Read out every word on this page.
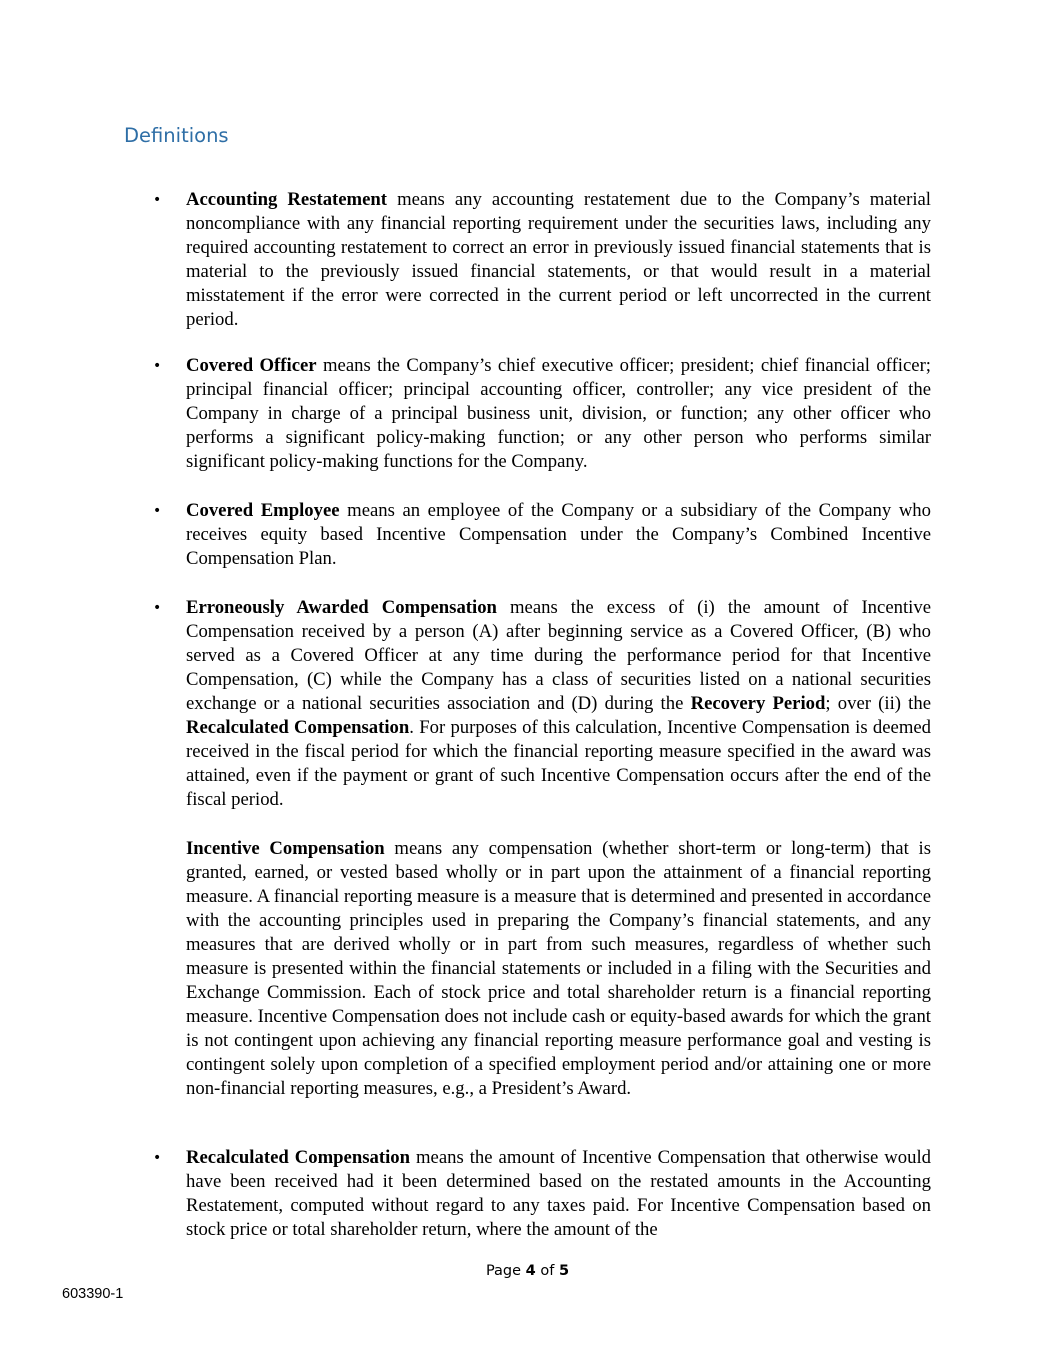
Definitions
• Accounting Restatement means any accounting restatement due to the Company’s material noncompliance with any financial reporting requirement under the securities laws, including any required accounting restatement to correct an error in previously issued financial statements that is material to the previously issued financial statements, or that would result in a material misstatement if the error were corrected in the current period or left uncorrected in the current period.

• Covered Officer means the Company’s chief executive officer; president; chief financial officer; principal financial officer; principal accounting officer, controller; any vice president of the Company in charge of a principal business unit, division, or function; any other officer who performs a significant policy-making function; or any other person who performs similar significant policy-making functions for the Company.

• Covered Employee means an employee of the Company or a subsidiary of the Company who receives equity based Incentive Compensation under the Company’s Combined Incentive Compensation Plan.

• Erroneously Awarded Compensation means the excess of (i) the amount of Incentive Compensation received by a person (A) after beginning service as a Covered Officer, (B) who served as a Covered Officer at any time during the performance period for that Incentive Compensation, (C) while the Company has a class of securities listed on a national securities exchange or a national securities association and (D) during the Recovery Period; over (ii) the Recalculated Compensation. For purposes of this calculation, Incentive Compensation is deemed received in the fiscal period for which the financial reporting measure specified in the award was attained, even if the payment or grant of such Incentive Compensation occurs after the end of the fiscal period.

Incentive Compensation means any compensation (whether short-term or long-term) that is granted, earned, or vested based wholly or in part upon the attainment of a financial reporting measure. A financial reporting measure is a measure that is determined and presented in accordance with the accounting principles used in preparing the Company’s financial statements, and any measures that are derived wholly or in part from such measures, regardless of whether such measure is presented within the financial statements or included in a filing with the Securities and Exchange Commission. Each of stock price and total shareholder return is a financial reporting measure. Incentive Compensation does not include cash or equity-based awards for which the grant is not contingent upon achieving any financial reporting measure performance goal and vesting is contingent solely upon completion of a specified employment period and/or attaining one or more non-financial reporting measures, e.g., a President’s Award.

• Recalculated Compensation means the amount of Incentive Compensation that otherwise would have been received had it been determined based on the restated amounts in the Accounting Restatement, computed without regard to any taxes paid. For Incentive Compensation based on stock price or total shareholder return, where the amount of the

Page 4 of 5
603390-1
